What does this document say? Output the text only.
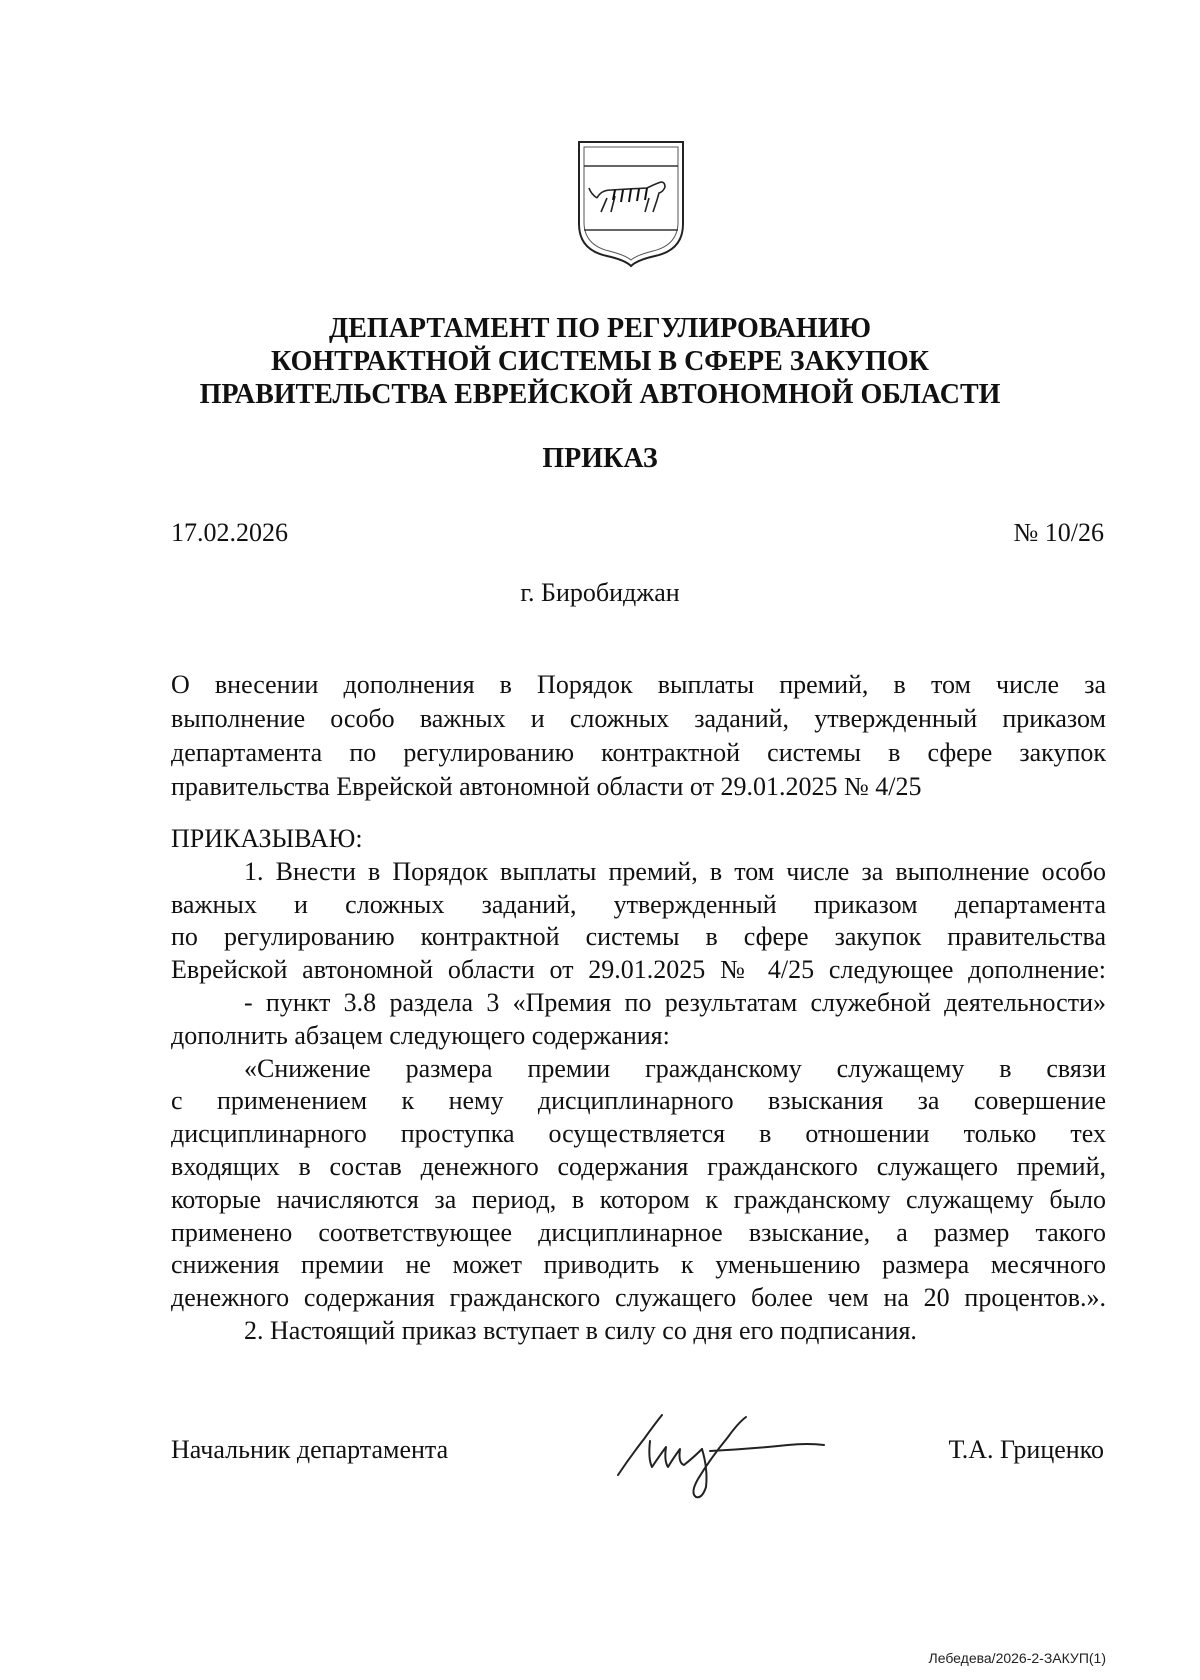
ДЕПАРТАМЕНТ ПО РЕГУЛИРОВАНИЮ
КОНТРАКТНОЙ СИСТЕМЫ В СФЕРЕ ЗАКУПОК
ПРАВИТЕЛЬСТВА ЕВРЕЙСКОЙ АВТОНОМНОЙ ОБЛАСТИ
ПРИКАЗ
17.02.2026	№ 10/26
г. Биробиджан
О внесении дополнения в Порядок выплаты премий, в том числе за
выполнение особо важных и сложных заданий, утвержденный приказом
департамента по регулированию контрактной системы в сфере закупок
правительства Еврейской автономной области от 29.01.2025 № 4/25
ПРИКАЗЫВАЮ:
1. Внести в Порядок выплаты премий, в том числе за выполнение особо
важных и сложных заданий, утвержденный приказом департамента
по регулированию контрактной системы в сфере закупок правительства
Еврейской автономной области от 29.01.2025 № 4/25 следующее дополнение:
- пункт 3.8 раздела 3 «Премия по результатам служебной деятельности»
дополнить абзацем следующего содержания:
«Снижение размера премии гражданскому служащему в связи
с применением к нему дисциплинарного взыскания за совершение
дисциплинарного проступка осуществляется в отношении только тех
входящих в состав денежного содержания гражданского служащего премий,
которые начисляются за период, в котором к гражданскому служащему было
применено соответствующее дисциплинарное взыскание, а размер такого
снижения премии не может приводить к уменьшению размера месячного
денежного содержания гражданского служащего более чем на 20 процентов.».
2. Настоящий приказ вступает в силу со дня его подписания.
Начальник департамента	Т.А. Гриценко
Лебедева/2026-2-ЗАКУП(1)
